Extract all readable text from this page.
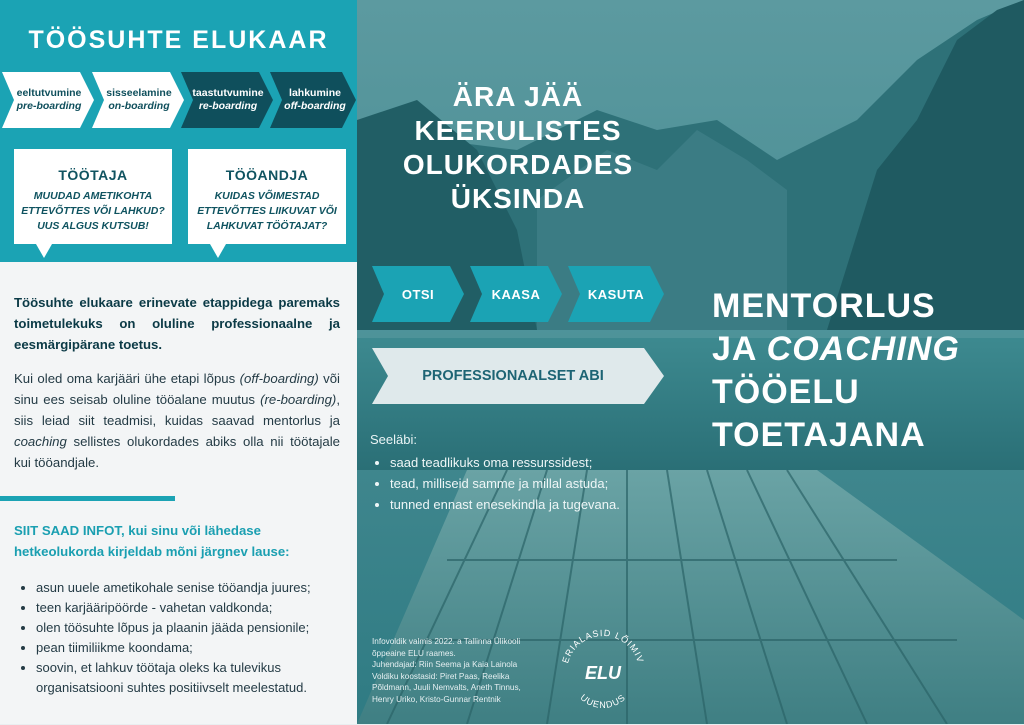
TÖÖSUHTE ELUKAAR
eeltutvumine
pre-boarding
sisseelamine
on-boarding
taastutvumine
re-boarding
lahkumine
off-boarding
TÖÖTAJA
MUUDAD AMETIKOHTA
ETTEVÕTTES VÕI LAHKUD?
UUS ALGUS KUTSUB!
TÖÖANDJA
KUIDAS VÕIMESTAD
ETTEVÕTTES LIIKUVAT VÕI
LAHKUVAT TÖÖTAJAT?
Töösuhte elukaare erinevate etappidega paremaks toimetulekuks on oluline professionaalne ja eesmärgipärane toetus.
Kui oled oma karjääri ühe etapi lõpus (off-boarding) või sinu ees seisab oluline tööalane muutus (re-boarding), siis leiad siit teadmisi, kuidas saavad mentorlus ja coaching sellistes olukordades abiks olla nii töötajale kui tööandjale.
SIIT SAAD INFOT, kui sinu või lähedase hetkeolukorda kirjeldab mõni järgnev lause:
• asun uuele ametikohale senise tööandja juures;
• teen karjääripöörde - vahetan valdkonda;
• olen töösuhte lõpus ja plaanin jääda pensionile;
• pean tiimiliikme koondama;
• soovin, et lahkuv töötaja oleks ka tulevikus organisatsiooni suhtes positiivselt meelestatud.
ÄRA JÄÄ
KEERULISTES
OLUKORDADES
ÜKSINDA
OTSI	KAASA	KASUTA
PROFESSIONAALSET ABI
Seeläbi:
• saad teadlikuks oma ressurssidest;
• tead, milliseid samme ja millal astuda;
• tunned ennast enesekindla ja tugevana.
MENTORLUS
JA COACHING
TÖÖELU
TOETAJANA
Infovoldik valmis 2022. a Tallinna Ülikooli
õppeaine ELU raames.
Juhendajad: Riin Seema ja Kaia Lainola
Voldiku koostasid: Piret Paas, Reelika
Põldmann, Juuli Nemvalts, Aneth Tinnus,
Henry Uriko, Kristo-Gunnar Rentnik
ERIALASID LÕIMIV
UUENDUS
ELU
